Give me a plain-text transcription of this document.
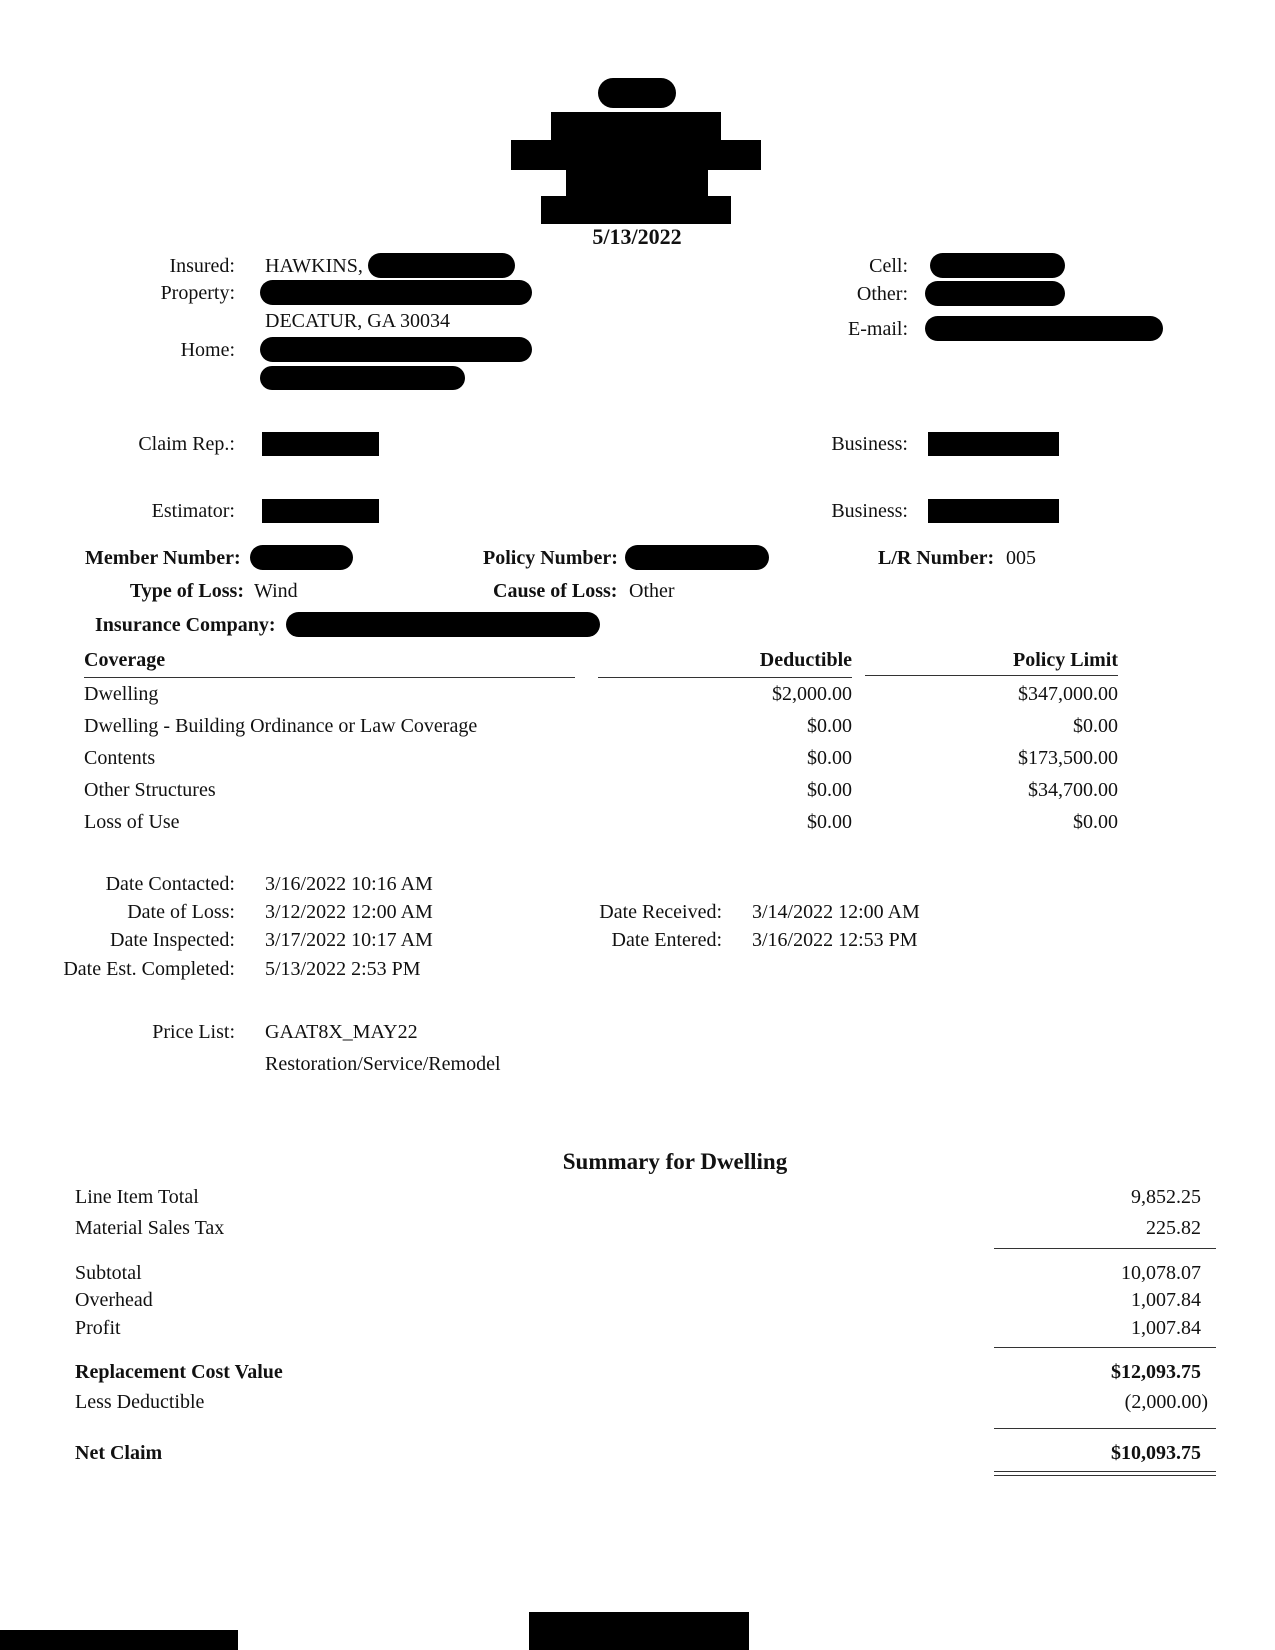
5/13/2022
Insured: HAWKINS,
Property:
DECATUR, GA 30034
Home:
Cell:
Other:
E-mail:
Claim Rep.:	Business:
Estimator:	Business:
Member Number:	Policy Number:	L/R Number: 005
Type of Loss: Wind	Cause of Loss: Other
Insurance Company:
Coverage	Deductible	Policy Limit
Dwelling	$2,000.00	$347,000.00
Dwelling - Building Ordinance or Law Coverage	$0.00	$0.00
Contents	$0.00	$173,500.00
Other Structures	$0.00	$34,700.00
Loss of Use	$0.00	$0.00
Date Contacted: 3/16/2022 10:16 AM
Date of Loss: 3/12/2022 12:00 AM
Date Inspected: 3/17/2022 10:17 AM
Date Est. Completed: 5/13/2022 2:53 PM
Date Received: 3/14/2022 12:00 AM
Date Entered: 3/16/2022 12:53 PM
Price List: GAAT8X_MAY22
Restoration/Service/Remodel
Summary for Dwelling
Line Item Total	9,852.25
Material Sales Tax	225.82
Subtotal	10,078.07
Overhead	1,007.84
Profit	1,007.84
Replacement Cost Value	$12,093.75
Less Deductible	(2,000.00)
Net Claim	$10,093.75
